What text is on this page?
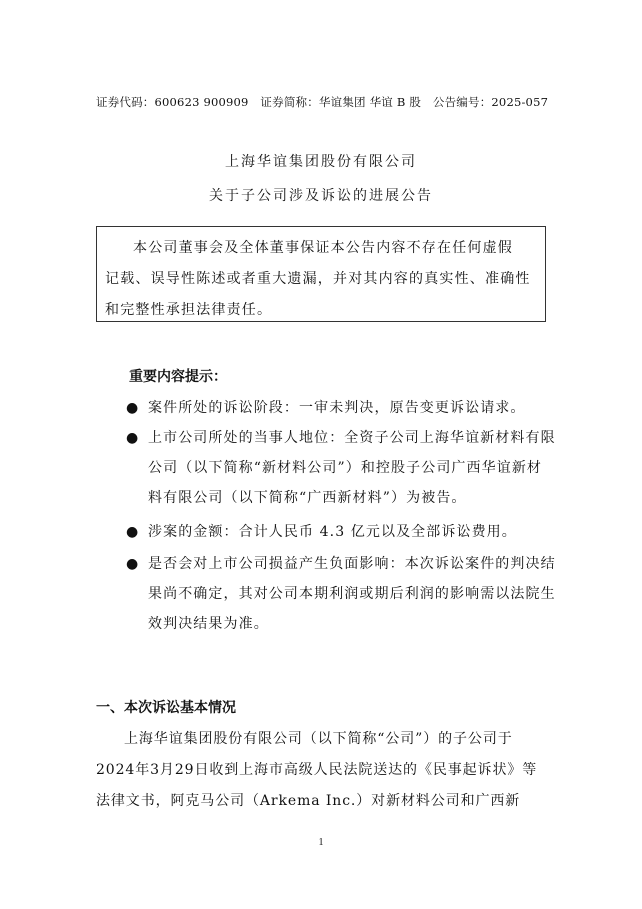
证券代码：600623 900909 证券简称：华谊集团 华谊 B 股 公告编号：2025-057
上海华谊集团股份有限公司
关于子公司涉及诉讼的进展公告
本公司董事会及全体董事保证本公告内容不存在任何虚假
记载、误导性陈述或者重大遗漏，并对其内容的真实性、准确性
和完整性承担法律责任。
重要内容提示：
● 案件所处的诉讼阶段：一审未判决，原告变更诉讼请求。
● 上市公司所处的当事人地位：全资子公司上海华谊新材料有限公司（以下简称“新材料公司”）和控股子公司广西华谊新材料有限公司（以下简称“广西新材料”）为被告。
● 涉案的金额：合计人民币 4.3 亿元以及全部诉讼费用。
● 是否会对上市公司损益产生负面影响：本次诉讼案件的判决结果尚不确定，其对公司本期利润或期后利润的影响需以法院生效判决结果为准。
一、本次诉讼基本情况
上海华谊集团股份有限公司（以下简称“公司”）的子公司于2024年3月29日收到上海市高级人民法院送达的《民事起诉状》等法律文书，阿克马公司（Arkema Inc.）对新材料公司和广西新
1
